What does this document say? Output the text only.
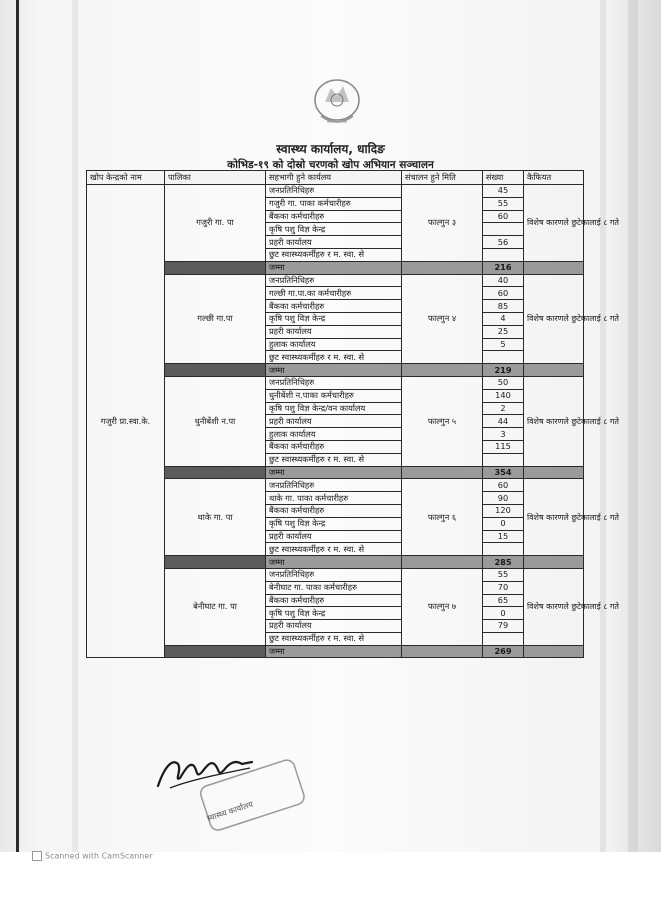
स्वास्थ्य कार्यालय, धादिङ
कोभिड-१९ को दोस्रो चरणको खोप अभियान सञ्चालन
खोप केन्द्रको नाम	पालिका	सहभागी हुने कार्यलय	संचालन हुने मिति	संख्या	कैफियत
गजुरी प्रा.स्वा.के.	गजुरी गा. पा	जनप्रतिनिधिहरु	फाल्गुन ३	45	विशेष कारणले छुटेकालाई ८ गते
		गजुरी गा. पाका कर्मचारीहरु		55	
		बैंकका कर्मचारीहरु		60	
		कृषि पशु विज्ञ केन्द्र			
		प्रहरी कार्यालय		56	
		छुट स्वास्थ्यकर्मीहरु र म. स्वा. से			
		जम्मा		216	
	गल्छी गा.पा	जनप्रतिनिधिहरु	फाल्गुन ४	40	विशेष कारणले छुटेकालाई ८ गते
		गल्छी गा.पा.का कर्मचारीहरु		60	
		बैंकका कर्मचारीहरु		85	
		कृषि पशु विज्ञ केन्द्र		4	
		प्रहरी कार्यालय		25	
		हुलाक कार्यालय		5	
		छुट स्वास्थ्यकर्मीहरु र म. स्वा. से			
		जम्मा		219	
	धुनीबेंशी न.पा	जनप्रतिनिधिहरु	फाल्गुन ५	50	विशेष कारणले छुटेकालाई ८ गते
		धुनीबेंशी न.पाका कर्मचारीहरु		140	
		कृषि पशु विज्ञ केन्द्र/वन कार्यालय		2	
		प्रहरी कार्यालय		44	
		हुलाक कार्यालय		3	
		बैंकका कर्मचारीहरु		115	
		छुट स्वास्थ्यकर्मीहरु र म. स्वा. से			
		जम्मा		354	
	थाके गा. पा	जनप्रतिनिधिहरु	फाल्गुन ६	60	विशेष कारणले छुटेकालाई ८ गते
		थाके गा. पाका कर्मचारीहरु		90	
		बैंकका कर्मचारीहरु		120	
		कृषि पशु विज्ञ केन्द्र		0	
		प्रहरी कार्यालय		15	
		छुट स्वास्थ्यकर्मीहरु र म. स्वा. से			
		जम्मा		285	
	बेनीघाट गा. पा	जनप्रतिनिधिहरु	फाल्गुन ७	55	विशेष कारणले छुटेकालाई ८ गते
		बेनीघाट गा. पाका कर्मचारीहरु		70	
		बैंकका कर्मचारीहरु		65	
		कृषि पशु विज्ञ केन्द्र		0	
		प्रहरी कार्यालय		79	
		छुट स्वास्थ्यकर्मीहरु र म. स्वा. से			
		जम्मा		269	
स्वास्थ्य कार्यालय
Scanned with CamScanner
